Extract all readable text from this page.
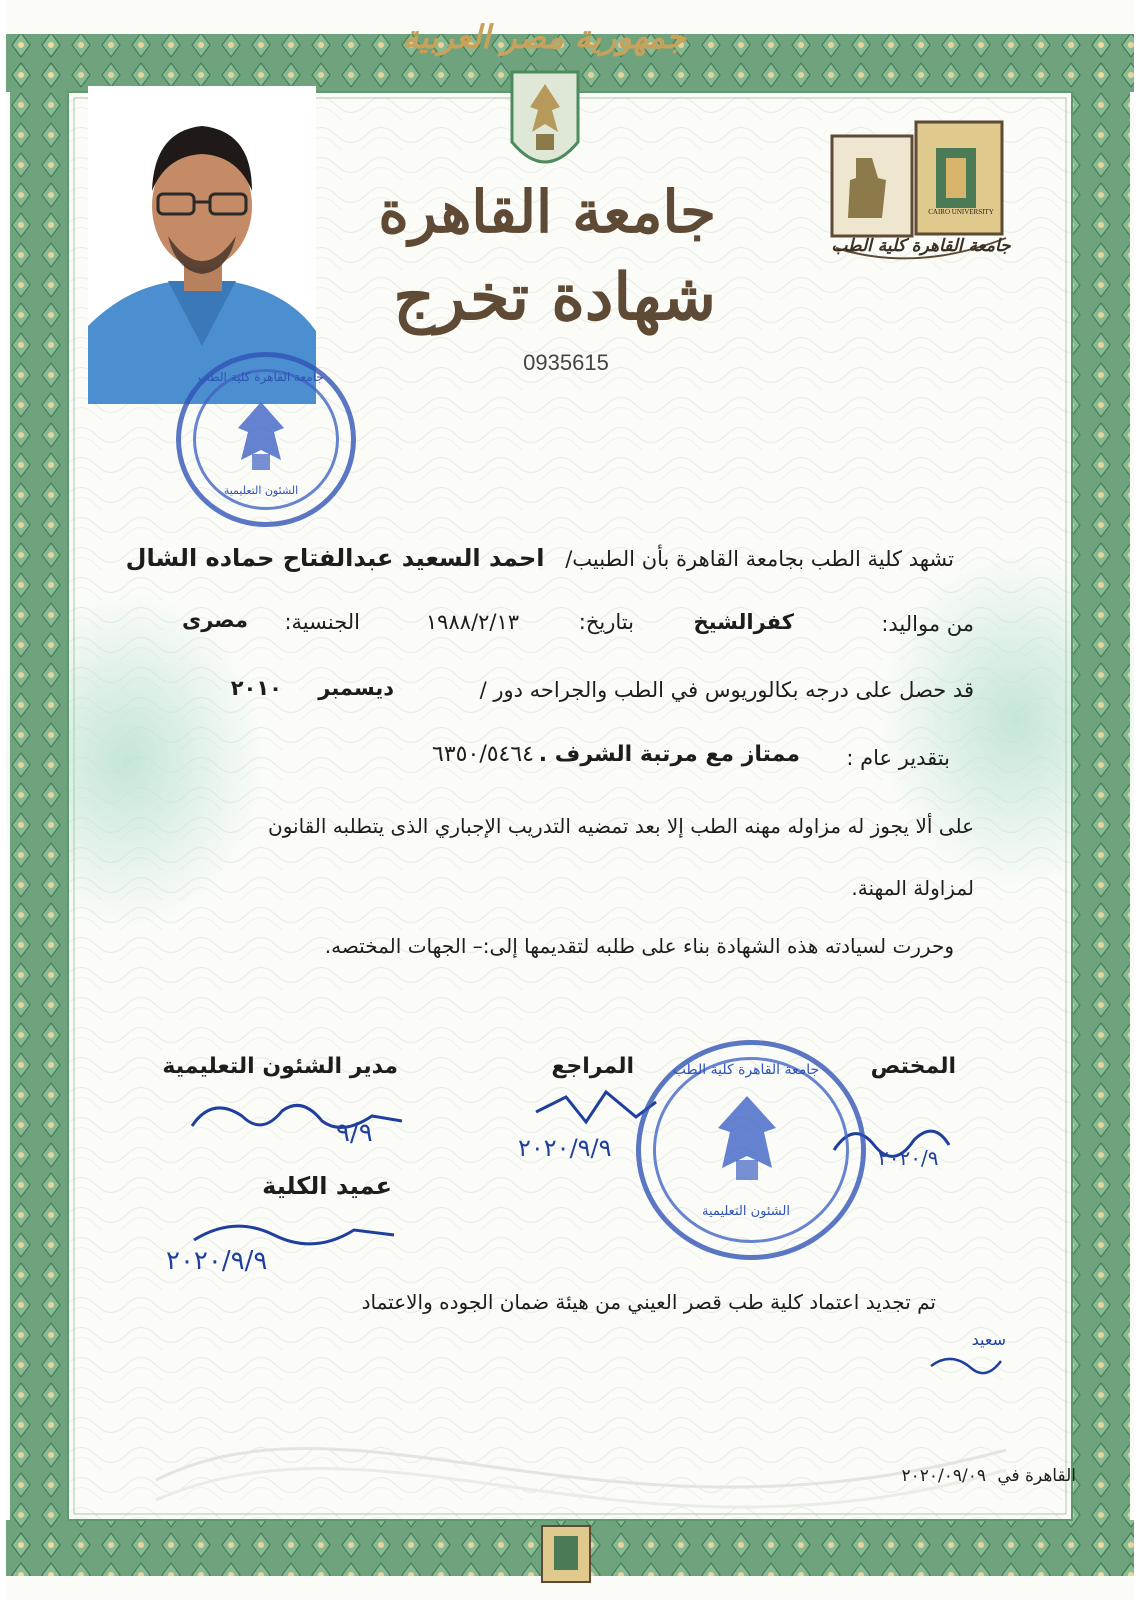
جمهورية مصر العربية
جامعة القاهرة
شهادة تخرج
0935615
CAIRO UNIVERSITY
جامعة القاهرة كلية الطب
جامعة القاهرة كلية الطب
الشئون التعليمية
تشهد كلية الطب بجامعة القاهرة بأن الطبيب/ احمد السعيد عبدالفتاح حماده الشال
من مواليد:
كفرالشيخ
بتاريخ:
١٩٨٨/٢/١٣
الجنسية:
مصرى
قد حصل على درجه بكالوريوس في الطب والجراحه دور /
ديسمبر
٢٠١٠
بتقدير عام :
ممتاز مع مرتبة الشرف .
٦٣٥٠/٥٤٦٤
على ألا يجوز له مزاوله مهنه الطب إلا بعد تمضيه التدريب الإجباري الذى يتطلبه القانون
لمزاولة المهنة.
وحررت لسيادته هذه الشهادة بناء على طلبه لتقديمها إلى:– الجهات المختصه.
المختص
المراجع
مدير الشئون التعليمية
عميد الكلية
٩/٩	٢٠٢٠/٩/٩	٢٠٢٠/٩
٢٠٢٠/٩/٩
جامعة القاهرة كلية الطب
الشئون التعليمية
تم تجديد اعتماد كلية طب قصر العيني من هيئة ضمان الجوده والاعتماد
سعيد
القاهرة في
٢٠٢٠/٠٩/٠٩
